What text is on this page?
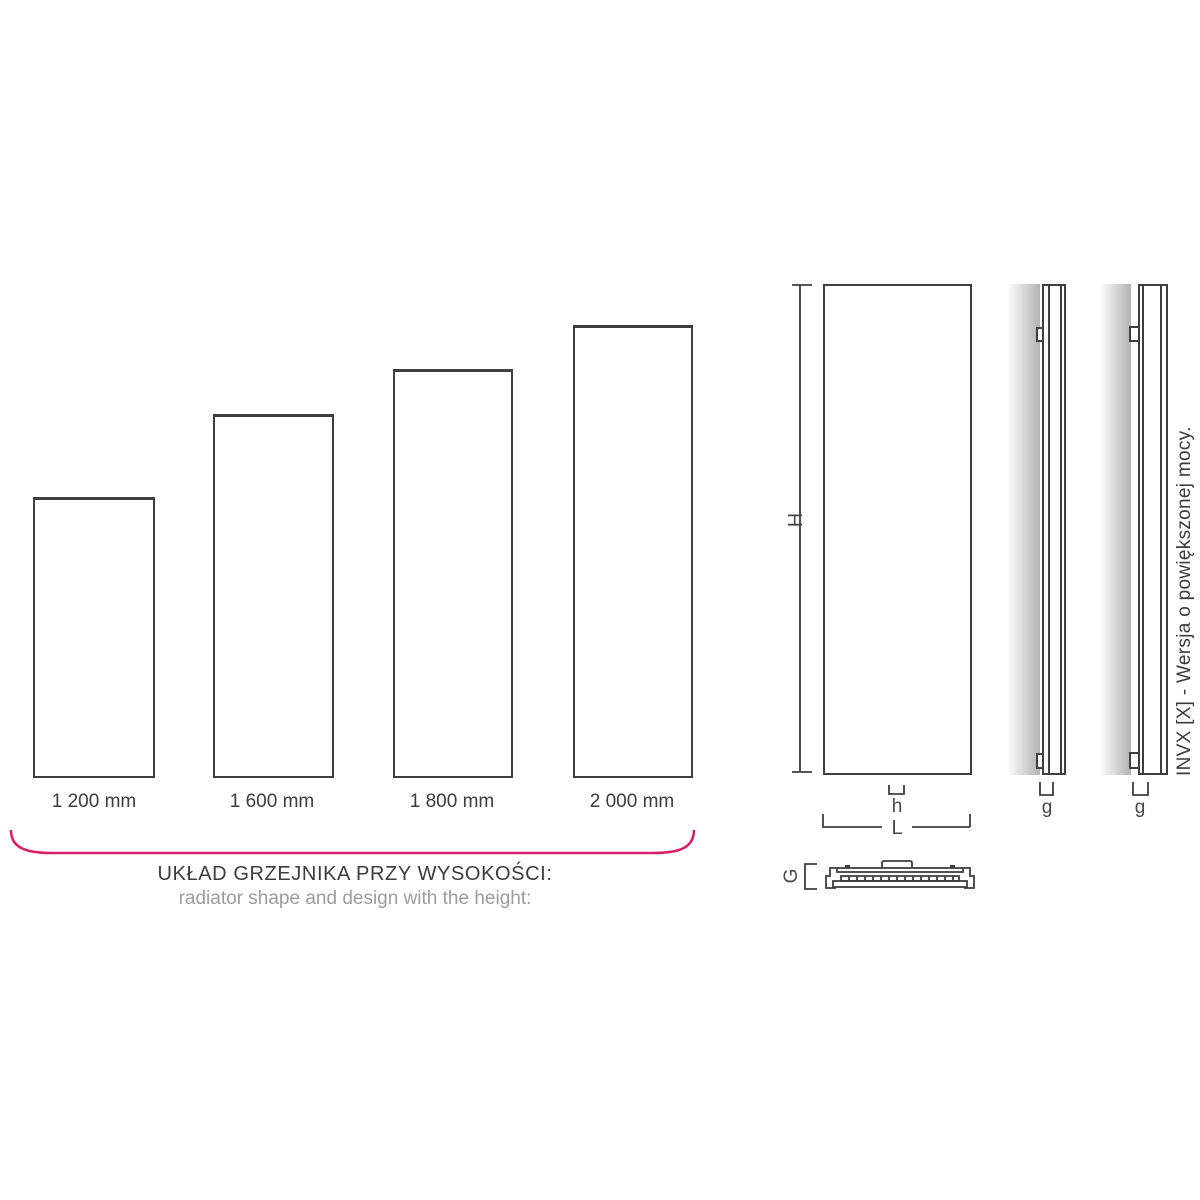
1 200 mm	1 600 mm	1 800 mm	2 000 mm
UKŁAD GRZEJNIKA PRZY WYSOKOŚCI:
radiator shape and design with the height:
H
h
L
g	g
G
INVX [X] - Wersja o powiększonej mocy.
